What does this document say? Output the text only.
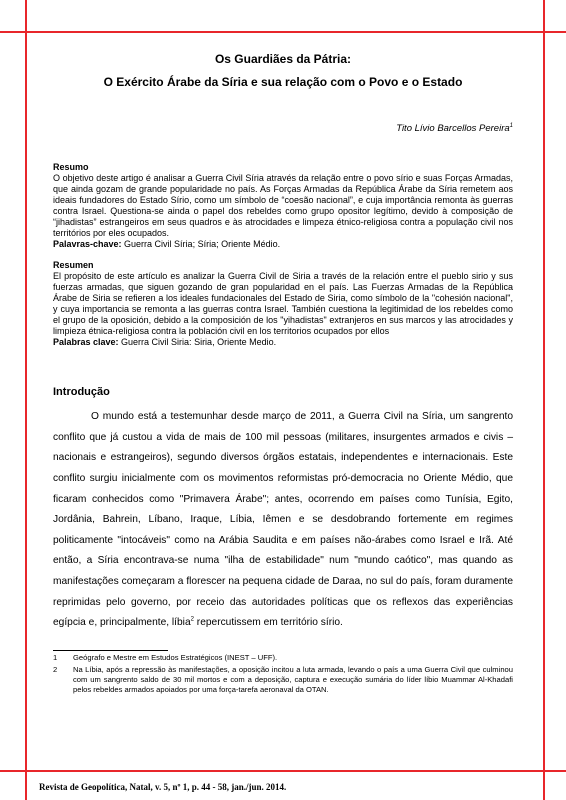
Os Guardiães da Pátria:

O Exército Árabe da Síria e sua relação com o Povo e o Estado

Tito Lívio Barcellos Pereira$^1$
Resumo

O objetivo deste artigo é analisar a Guerra Civil Síria através da relação entre o povo sírio e suas Forças Armadas, que ainda gozam de grande popularidade no país. As Forças Armadas da República Árabe da Síria remetem aos ideais fundadores do Estado Sírio, como um símbolo de “coesão nacional”, e cuja importância remonta às guerras contra Israel. Questiona-se ainda o papel dos rebeldes como grupo opositor legítimo, devido à composição de “jihadistas” estrangeiros em seus quadros e às atrocidades e limpeza étnico-religiosa contra a população civil nos territórios por eles ocupados.

Palavras-chave: Guerra Civil Síria; Síria; Oriente Médio.

Resumen

El propósito de este artículo es analizar la Guerra Civil de Siria a través de la relación entre el pueblo sirio y sus fuerzas armadas, que siguen gozando de gran popularidad en el país. Las Fuerzas Armadas de la República Árabe de Siria se refieren a los ideales fundacionales del Estado de Siria, como símbolo de la "cohesión nacional", y cuya importancia se remonta a las guerras contra Israel. También cuestiona la legitimidad de los rebeldes como el grupo de la oposición, debido a la composición de los "yihadistas" extranjeros en sus marcos y las atrocidades y limpieza étnica-religiosa contra la población civil en los territorios ocupados por ellos

Palabras clave: Guerra Civil Siria: Siria, Oriente Medio.

Introdução

O mundo está a testemunhar desde março de 2011, a Guerra Civil na Síria, um sangrento conflito que já custou a vida de mais de 100 mil pessoas (militares, insurgentes armados e civis – nacionais e estrangeiros), segundo diversos órgãos estatais, independentes e internacionais. Este conflito surgiu inicialmente com os movimentos reformistas pró-democracia no Oriente Médio, que ficaram conhecidos como "Primavera Árabe"; antes, ocorrendo em países como Tunísia, Egito, Jordânia, Bahrein, Líbano, Iraque, Líbia, Iêmen e se desdobrando fortemente em regimes politicamente "intocáveis" como na Arábia Saudita e em países não-árabes como Israel e Irã. Até então, a Síria encontrava-se numa "ilha de estabilidade" num "mundo caótico", mas quando as manifestações começaram a florescer na pequena cidade de Daraa, no sul do país, foram duramente reprimidas pelo governo, por receio das autoridades políticas que os reflexos das experiências egípcia e, principalmente, líbia$^2$ repercutissem em território sírio.

1	Geógrafo e Mestre em Estudos Estratégicos (INEST – UFF).
2	Na Líbia, após a repressão às manifestações, a oposição incitou a luta armada, levando o país a uma Guerra Civil que culminou com um sangrento saldo de 30 mil mortos e com a deposição, captura e execução sumária do líder líbio Muammar Al-Khadafi pelos rebeldes armados apoiados por uma força-tarefa aeronaval da OTAN.
Revista de Geopolítica, Natal, v. 5, nº 1, p. 44 - 58, jan./jun. 2014.
